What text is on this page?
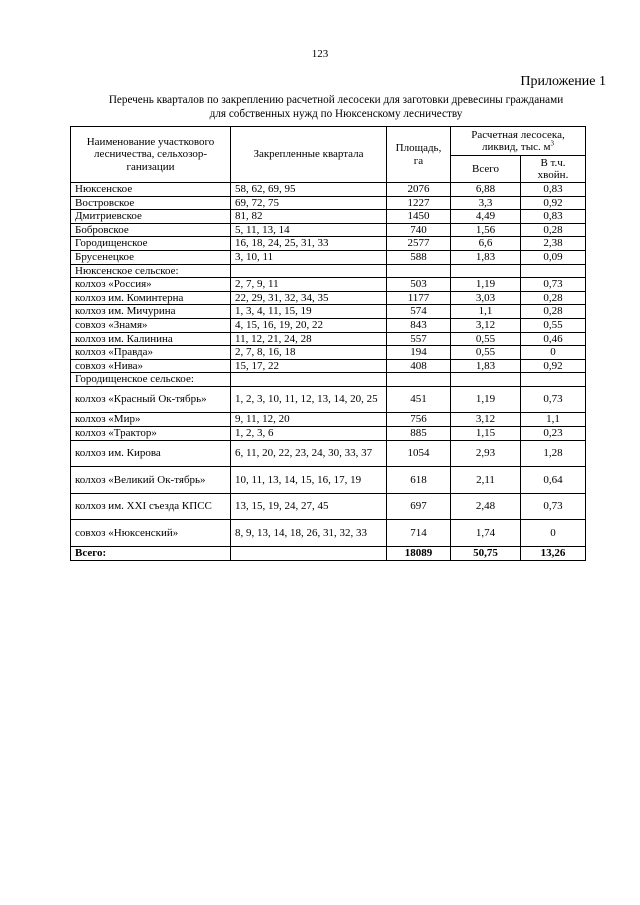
123
Приложение 1
Перечень кварталов по закреплению расчетной лесосеки для заготовки древесины гражданами
для собственных нужд по Нюксенскому лесничеству
Наименование участкового лесничества, сельхозор-ганизации	Закрепленные квартала	Площадь, га	Расчетная лесосека, ликвид, тыс. $м^3$
			Всего	В т.ч. хвойн.
Нюксенское	58, 62, 69, 95	2076	6,88	0,83
Востровское	69, 72, 75	1227	3,3	0,92
Дмитриевское	81, 82	1450	4,49	0,83
Бобровское	5, 11, 13, 14	740	1,56	0,28
Городищенское	16, 18, 24, 25, 31, 33	2577	6,6	2,38
Брусенецкое	3, 10, 11	588	1,83	0,09
Нюксенское сельское:				
колхоз «Россия»	2, 7, 9, 11	503	1,19	0,73
колхоз им. Коминтерна	22, 29, 31, 32, 34, 35	1177	3,03	0,28
колхоз им. Мичурина	1, 3, 4, 11, 15, 19	574	1,1	0,28
совхоз «Знамя»	4, 15, 16, 19, 20, 22	843	3,12	0,55
колхоз им. Калинина	11, 12, 21, 24, 28	557	0,55	0,46
колхоз «Правда»	2, 7, 8, 16, 18	194	0,55	0
совхоз «Нива»	15, 17, 22	408	1,83	0,92
Городищенское сельское:				
колхоз «Красный Ок-тябрь»	1, 2, 3, 10, 11, 12, 13, 14, 20, 25	451	1,19	0,73
колхоз «Мир»	9, 11, 12, 20	756	3,12	1,1
колхоз «Трактор»	1, 2, 3, 6	885	1,15	0,23
колхоз им. Кирова	6, 11, 20, 22, 23, 24, 30, 33, 37	1054	2,93	1,28
колхоз «Великий Ок-тябрь»	10, 11, 13, 14, 15, 16, 17, 19	618	2,11	0,64
колхоз им. XXI съезда КПСС	13, 15, 19, 24, 27, 45	697	2,48	0,73
совхоз «Нюксенский»	8, 9, 13, 14, 18, 26, 31, 32, 33	714	1,74	0
Всего:		18089	50,75	13,26
